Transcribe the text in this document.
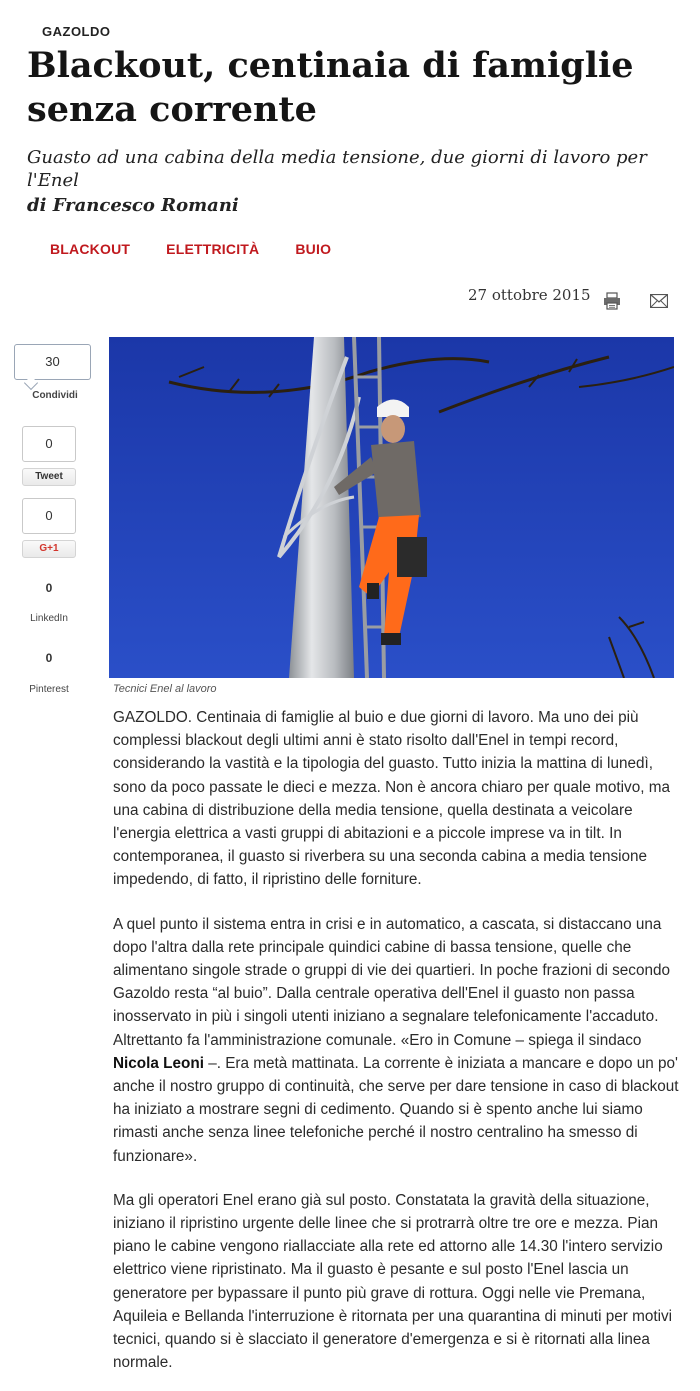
GAZOLDO
Blackout, centinaia di famiglie senza corrente
Guasto ad una cabina della media tensione, due giorni di lavoro per l'Enel
di Francesco Romani
BLACKOUT	ELETTRICITÀ	BUIO
27 ottobre 2015
30
Condividi
0
Tweet
0
G+1
0
LinkedIn
0
Pinterest	Tecnici Enel al lavoro

GAZOLDO. Centinaia di famiglie al buio e due giorni di lavoro. Ma uno dei più complessi blackout degli ultimi anni è stato risolto dall'Enel in tempi record, considerando la vastità e la tipologia del guasto. Tutto inizia la mattina di lunedì, sono da poco passate le dieci e mezza. Non è ancora chiaro per quale motivo, ma una cabina di distribuzione della media tensione, quella destinata a veicolare l'energia elettrica a vasti gruppi di abitazioni e a piccole imprese va in tilt. In contemporanea, il guasto si riverbera su una seconda cabina a media tensione impedendo, di fatto, il ripristino delle forniture.

A quel punto il sistema entra in crisi e in automatico, a cascata, si distaccano una dopo l'altra dalla rete principale quindici cabine di bassa tensione, quelle che alimentano singole strade o gruppi di vie dei quartieri. In poche frazioni di secondo Gazoldo resta “al buio”. Dalla centrale operativa dell'Enel il guasto non passa inosservato in più i singoli utenti iniziano a segnalare telefonicamente l'accaduto. Altrettanto fa l'amministrazione comunale. «Ero in Comune – spiega il sindaco Nicola Leoni –. Era metà mattinata. La corrente è iniziata a mancare e dopo un po' anche il nostro gruppo di continuità, che serve per dare tensione in caso di blackout ha iniziato a mostrare segni di cedimento. Quando si è spento anche lui siamo rimasti anche senza linee telefoniche perché il nostro centralino ha smesso di funzionare».

Ma gli operatori Enel erano già sul posto. Constatata la gravità della situazione, iniziano il ripristino urgente delle linee che si protrarrà oltre tre ore e mezza. Pian piano le cabine vengono riallacciate alla rete ed attorno alle 14.30 l'intero servizio elettrico viene ripristinato. Ma il guasto è pesante e sul posto l'Enel lascia un generatore per bypassare il punto più grave di rottura. Oggi nelle vie Premana, Aquileia e Bellanda l'interruzione è ritornata per una quarantina di minuti per motivi tecnici, quando si è slacciato il generatore d'emergenza e si è ritornati alla linea normale.
